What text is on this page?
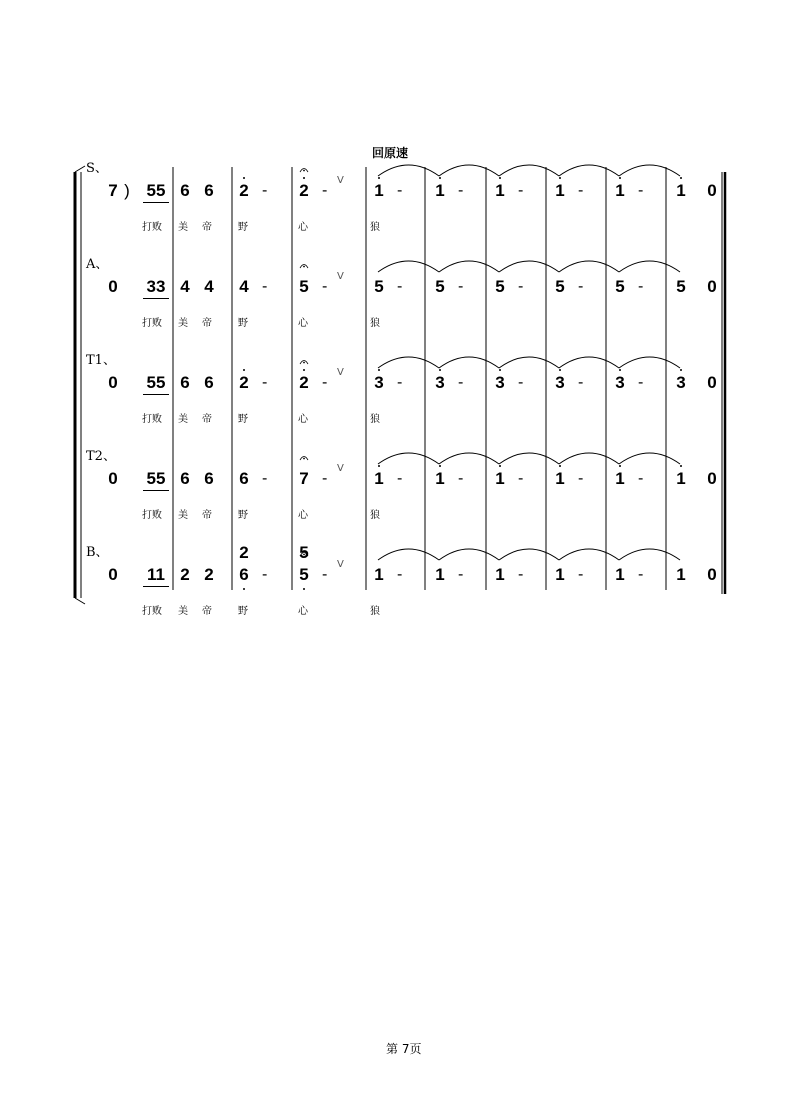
回原速
S、
7 ) 55 6 6 2 - 2 -
V
1 - 1 - 1 - 1 - 1 - 1 0
打败 美 帝	野	心	狼
A、
0 33 4 4 4 - 5 -
V
5 - 5 - 5 - 5 - 5 - 5 0
打败 美 帝	野	心	狼
T1、
0 55 6 6 2 - 2 -
V
3 - 3 - 3 - 3 - 3 - 3 0
打败 美 帝	野	心	狼
T2、
0 55 6 6 6 - 7 -
V
1 - 1 - 1 - 1 - 1 - 1 0
打败 美 帝	野	心	狼
B、
0 11 2 2
2
6 -
5
5 -
V
1 - 1 - 1 - 1 - 1 - 1 0
打败 美 帝	野	心	狼
第 7页
